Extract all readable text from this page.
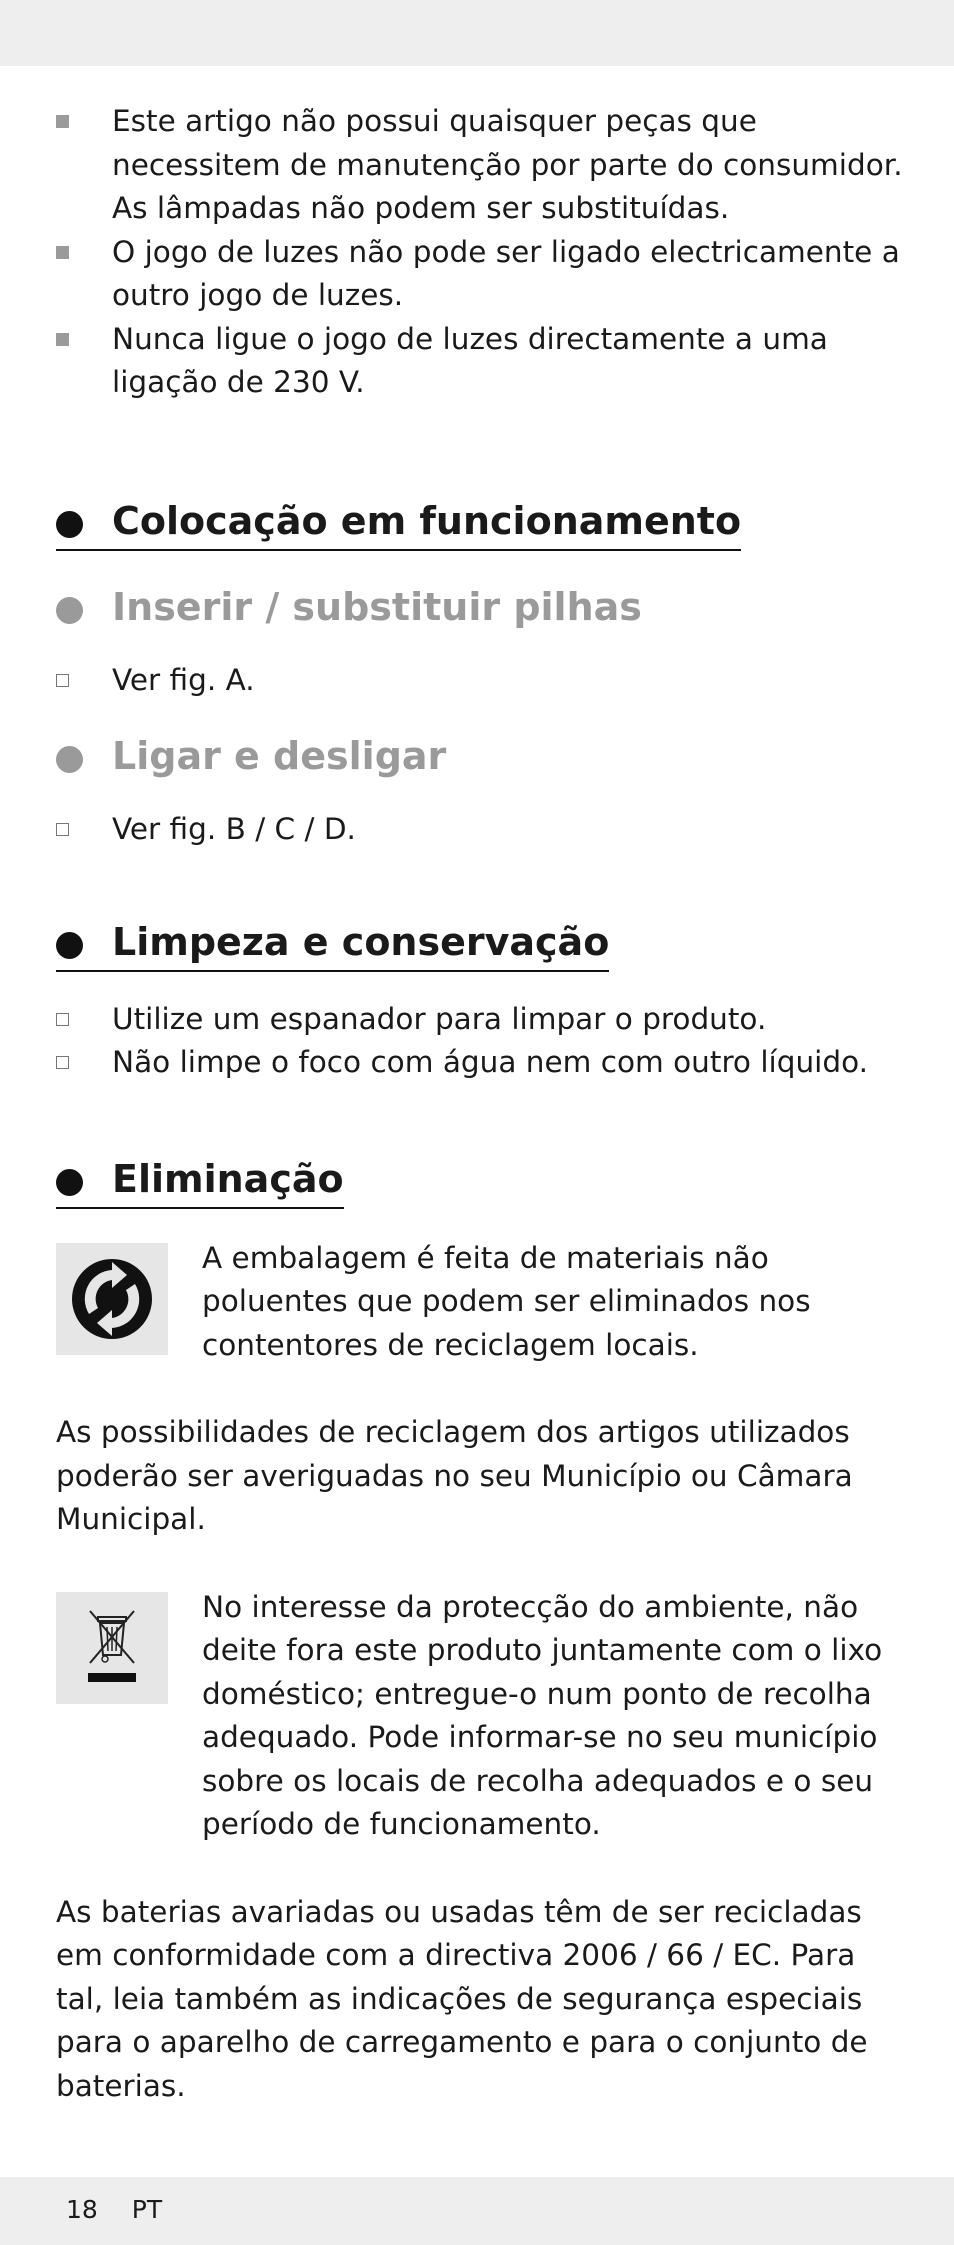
Este artigo não possui quaisquer peças que necessitem de manutenção por parte do consumidor. As lâmpadas não podem ser substituídas.
O jogo de luzes não pode ser ligado electricamente a outro jogo de luzes.
Nunca ligue o jogo de luzes directamente a uma ligação de 230 V.
Colocação em funcionamento
Inserir / substituir pilhas
Ver fig. A.
Ligar e desligar
Ver fig. B / C / D.
Limpeza e conservação
Utilize um espanador para limpar o produto.
Não limpe o foco com água nem com outro líquido.
Eliminação
A embalagem é feita de materiais não poluentes que podem ser eliminados nos contentores de reciclagem locais.
As possibilidades de reciclagem dos artigos utilizados poderão ser averiguadas no seu Município ou Câmara Municipal.
No interesse da protecção do ambiente, não deite fora este produto juntamente com o lixo doméstico; entregue-o num ponto de recolha adequado. Pode informar-se no seu município sobre os locais de recolha adequados e o seu período de funcionamento.
As baterias avariadas ou usadas têm de ser recicladas em conformidade com a directiva 2006 / 66 / EC. Para tal, leia também as indicações de segurança especiais para o aparelho de carregamento e para o conjunto de baterias.
18 PT
